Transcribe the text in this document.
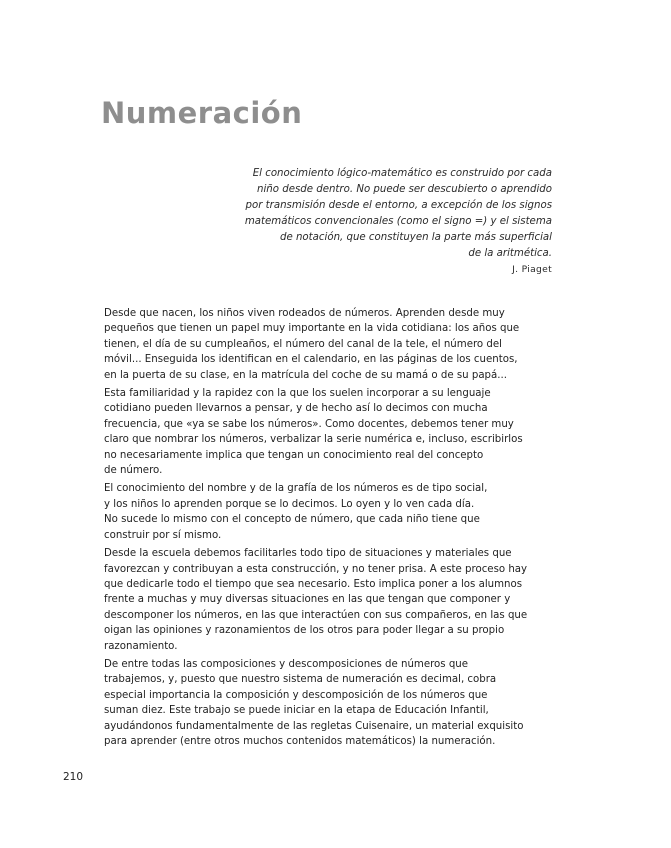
Numeración
El conocimiento lógico-matemático es construido por cada
niño desde dentro. No puede ser descubierto o aprendido
por transmisión desde el entorno, a excepción de los signos
matemáticos convencionales (como el signo =) y el sistema
de notación, que constituyen la parte más superficial
de la aritmética.
J. Piaget
Desde que nacen, los niños viven rodeados de números. Aprenden desde muy
pequeños que tienen un papel muy importante en la vida cotidiana: los años que
tienen, el día de su cumpleaños, el número del canal de la tele, el número del
móvil... Enseguida los identifican en el calendario, en las páginas de los cuentos,
en la puerta de su clase, en la matrícula del coche de su mamá o de su papá...
Esta familiaridad y la rapidez con la que los suelen incorporar a su lenguaje
cotidiano pueden llevarnos a pensar, y de hecho así lo decimos con mucha
frecuencia, que «ya se sabe los números». Como docentes, debemos tener muy
claro que nombrar los números, verbalizar la serie numérica e, incluso, escribirlos
no necesariamente implica que tengan un conocimiento real del concepto
de número.
El conocimiento del nombre y de la grafía de los números es de tipo social,
y los niños lo aprenden porque se lo decimos. Lo oyen y lo ven cada día.
No sucede lo mismo con el concepto de número, que cada niño tiene que
construir por sí mismo.
Desde la escuela debemos facilitarles todo tipo de situaciones y materiales que
favorezcan y contribuyan a esta construcción, y no tener prisa. A este proceso hay
que dedicarle todo el tiempo que sea necesario. Esto implica poner a los alumnos
frente a muchas y muy diversas situaciones en las que tengan que componer y
descomponer los números, en las que interactúen con sus compañeros, en las que
oigan las opiniones y razonamientos de los otros para poder llegar a su propio
razonamiento.
De entre todas las composiciones y descomposiciones de números que
trabajemos, y, puesto que nuestro sistema de numeración es decimal, cobra
especial importancia la composición y descomposición de los números que
suman diez. Este trabajo se puede iniciar en la etapa de Educación Infantil,
ayudándonos fundamentalmente de las regletas Cuisenaire, un material exquisito
para aprender (entre otros muchos contenidos matemáticos) la numeración.
210
